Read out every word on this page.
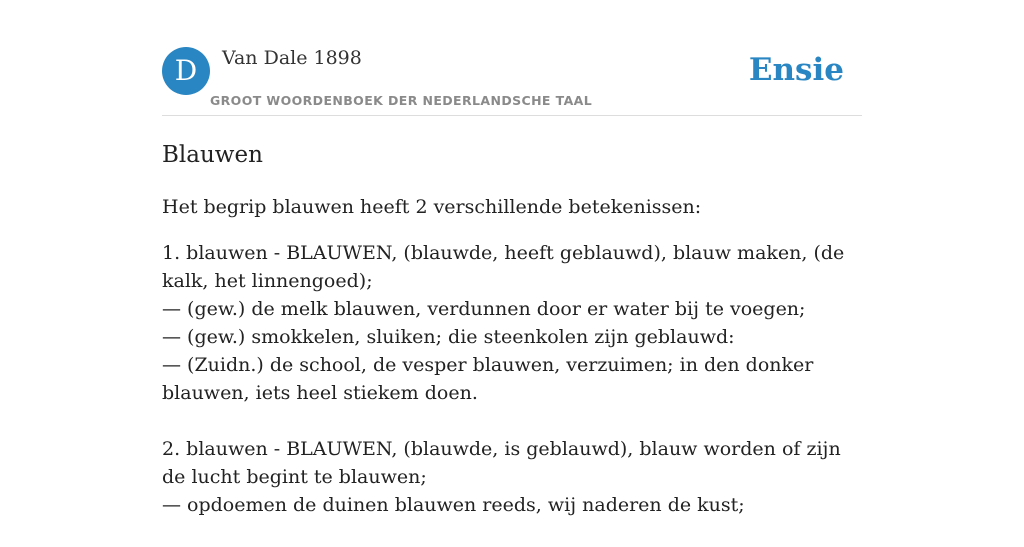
D	Van Dale 1898
GROOT WOORDENBOEK DER NEDERLANDSCHE TAAL
Ensie
Blauwen

Het begrip blauwen heeft 2 verschillende betekenissen:

1. blauwen - BLAUWEN, (blauwde, heeft geblauwd), blauw maken, (de kalk, het linnengoed);

— (gew.) de melk blauwen, verdunnen door er water bij te voegen;

— (gew.) smokkelen, sluiken; die steenkolen zijn geblauwd:

— (Zuidn.) de school, de vesper blauwen, verzuimen; in den donker blauwen, iets heel stiekem doen.

2. blauwen - BLAUWEN, (blauwde, is geblauwd), blauw worden of zijn de lucht begint te blauwen;

— opdoemen de duinen blauwen reeds, wij naderen de kust;
